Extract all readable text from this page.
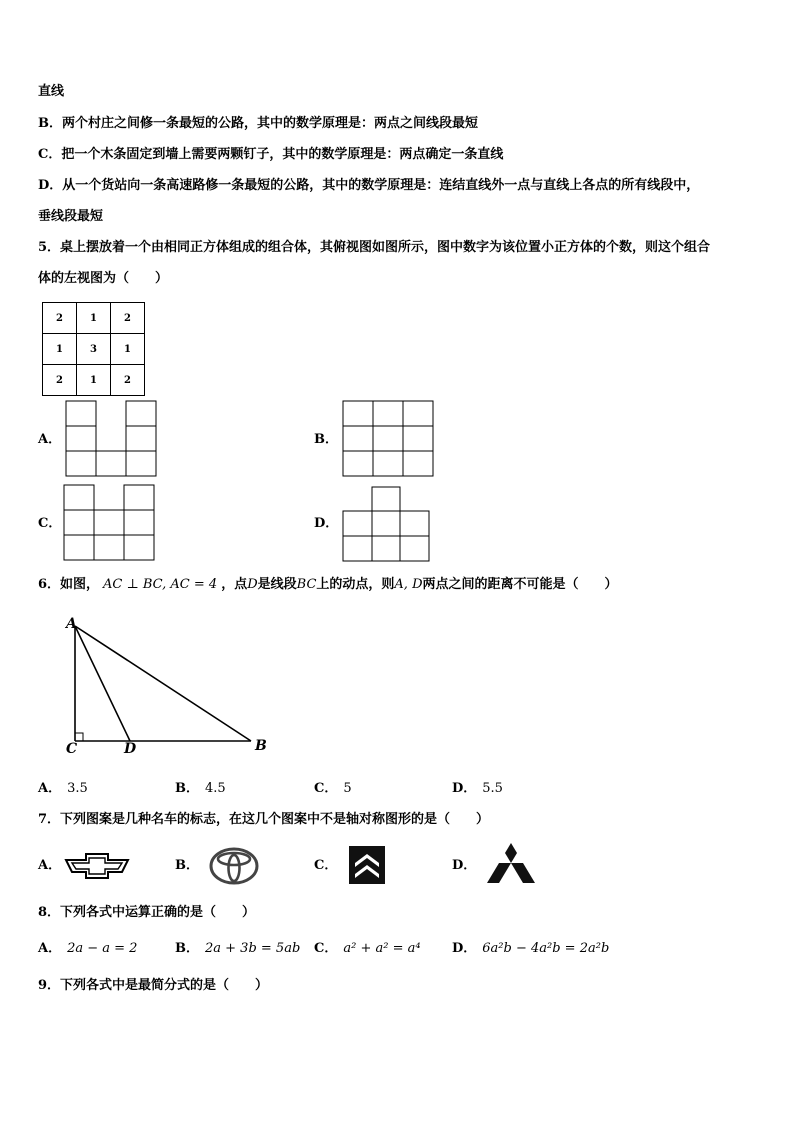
直线
B．两个村庄之间修一条最短的公路，其中的数学原理是：两点之间线段最短
C．把一个木条固定到墙上需要两颗钉子，其中的数学原理是：两点确定一条直线
D．从一个货站向一条高速路修一条最短的公路，其中的数学原理是：连结直线外一点与直线上各点的所有线段中，
垂线段最短
5．桌上摆放着一个由相同正方体组成的组合体，其俯视图如图所示，图中数字为该位置小正方体的个数，则这个组合
体的左视图为（　　）
2	1	2
1	3	1
2	1	2
A．	B．
C．	D．
6．如图， AC ⊥ BC, AC = 4 ，点D是线段BC上的动点，则A, D两点之间的距离不可能是（　　）
A
C	D	B
A． 3.5	B． 4.5	C． 5	D． 5.5
7．下列图案是几种名车的标志，在这几个图案中不是轴对称图形的是（　　）
A．	B．	C．	D．
8．下列各式中运算正确的是（　　）
A． 2a − a = 2	B． 2a + 3b = 5ab C． a² + a² = a⁴ D． 6a²b − 4a²b = 2a²b
9．下列各式中是最简分式的是（　　）
